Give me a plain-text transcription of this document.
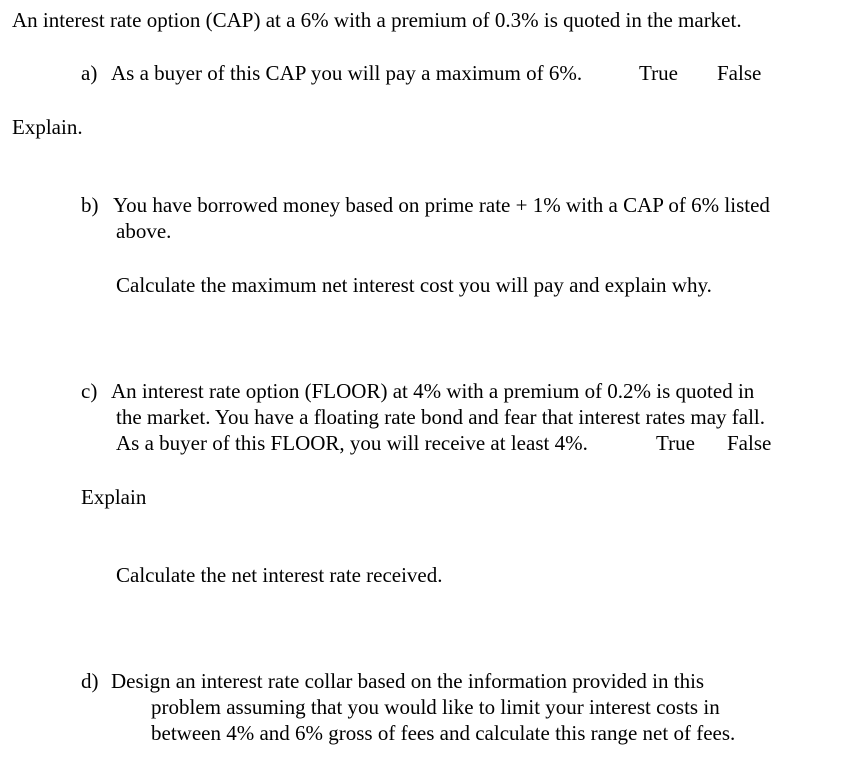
An interest rate option (CAP) at a 6% with a premium of 0.3% is quoted in the market.

a) As a buyer of this CAP you will pay a maximum of 6%.	True False

Explain.

b) You have borrowed money based on prime rate + 1% with a CAP of 6% listed
above.
Calculate the maximum net interest cost you will pay and explain why.
c) An interest rate option (FLOOR) at 4% with a premium of 0.2% is quoted in
the market. You have a floating rate bond and fear that interest rates may fall.
As a buyer of this FLOOR, you will receive at least 4%.	True False
Explain
Calculate the net interest rate received.
d) Design an interest rate collar based on the information provided in this
problem assuming that you would like to limit your interest costs in
between 4% and 6% gross of fees and calculate this range net of fees.
